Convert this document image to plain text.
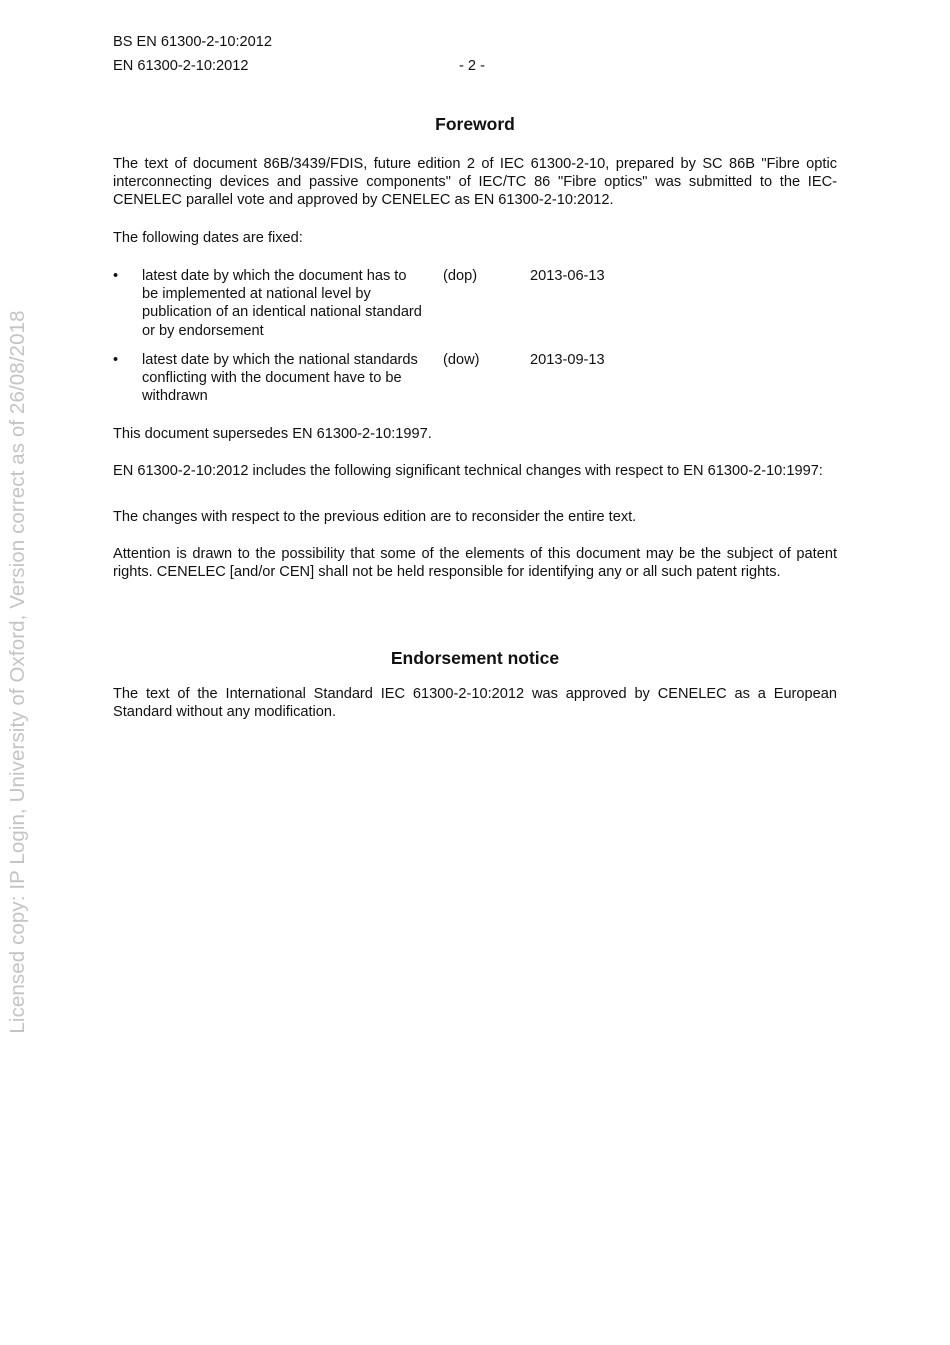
BS EN 61300-2-10:2012
EN 61300-2-10:2012	- 2 -
Foreword
The text of document 86B/3439/FDIS, future edition 2 of IEC 61300-2-10, prepared by SC 86B "Fibre optic interconnecting devices and passive components" of IEC/TC 86 "Fibre optics" was submitted to the IEC-CENELEC parallel vote and approved by CENELEC as EN 61300-2-10:2012.
The following dates are fixed:
• latest date by which the document has to be implemented at national level by publication of an identical national standard or by endorsement
(dop)	2013-06-13
• latest date by which the national standards conflicting with the document have to be withdrawn
(dow)	2013-09-13
This document supersedes EN 61300-2-10:1997.
EN 61300-2-10:2012 includes the following significant technical changes with respect to EN 61300-2-10:1997:
The changes with respect to the previous edition are to reconsider the entire text.
Attention is drawn to the possibility that some of the elements of this document may be the subject of patent rights. CENELEC [and/or CEN] shall not be held responsible for identifying any or all such patent rights.
Endorsement notice
The text of the International Standard IEC 61300-2-10:2012 was approved by CENELEC as a European Standard without any modification.
Licensed copy: IP Login, University of Oxford, Version correct as of 26/08/2018
